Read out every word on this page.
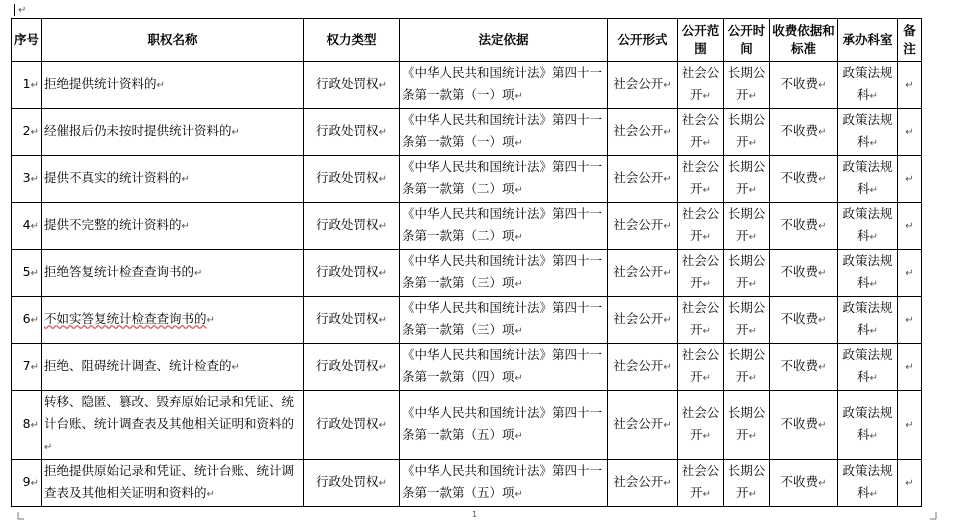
↵
序号	职权名称	权力类型	法定依据	公开形式	公开范围	公开时间	收费依据和标准	承办科室	备注
1↵	拒绝提供统计资料的↵	行政处罚权↵	《中华人民共和国统计法》第四十一条第一款第（一）项↵	社会公开↵	社会公开↵	长期公开↵	不收费↵	政策法规科↵	↵
2↵	经催报后仍未按时提供统计资料的↵	行政处罚权↵	《中华人民共和国统计法》第四十一条第一款第（一）项↵	社会公开↵	社会公开↵	长期公开↵	不收费↵	政策法规科↵	↵
3↵	提供不真实的统计资料的↵	行政处罚权↵	《中华人民共和国统计法》第四十一条第一款第（二）项↵	社会公开↵	社会公开↵	长期公开↵	不收费↵	政策法规科↵	↵
4↵	提供不完整的统计资料的↵	行政处罚权↵	《中华人民共和国统计法》第四十一条第一款第（二）项↵	社会公开↵	社会公开↵	长期公开↵	不收费↵	政策法规科↵	↵
5↵	拒绝答复统计检查查询书的↵	行政处罚权↵	《中华人民共和国统计法》第四十一条第一款第（三）项↵	社会公开↵	社会公开↵	长期公开↵	不收费↵	政策法规科↵	↵
6↵	不如实答复统计检查查询书的↵	行政处罚权↵	《中华人民共和国统计法》第四十一条第一款第（三）项↵	社会公开↵	社会公开↵	长期公开↵	不收费↵	政策法规科↵	↵
7↵	拒绝、阻碍统计调查、统计检查的↵	行政处罚权↵	《中华人民共和国统计法》第四十一条第一款第（四）项↵	社会公开↵	社会公开↵	长期公开↵	不收费↵	政策法规科↵	↵
8↵	转移、隐匿、篡改、毁弃原始记录和凭证、统计台账、统计调查表及其他相关证明和资料的↵	行政处罚权↵	《中华人民共和国统计法》第四十一条第一款第（五）项↵	社会公开↵	社会公开↵	长期公开↵	不收费↵	政策法规科↵	↵
9↵	拒绝提供原始记录和凭证、统计台账、统计调查表及其他相关证明和资料的↵	行政处罚权↵	《中华人民共和国统计法》第四十一条第一款第（五）项↵	社会公开↵	社会公开↵	长期公开↵	不收费↵	政策法规科↵	↵
1
